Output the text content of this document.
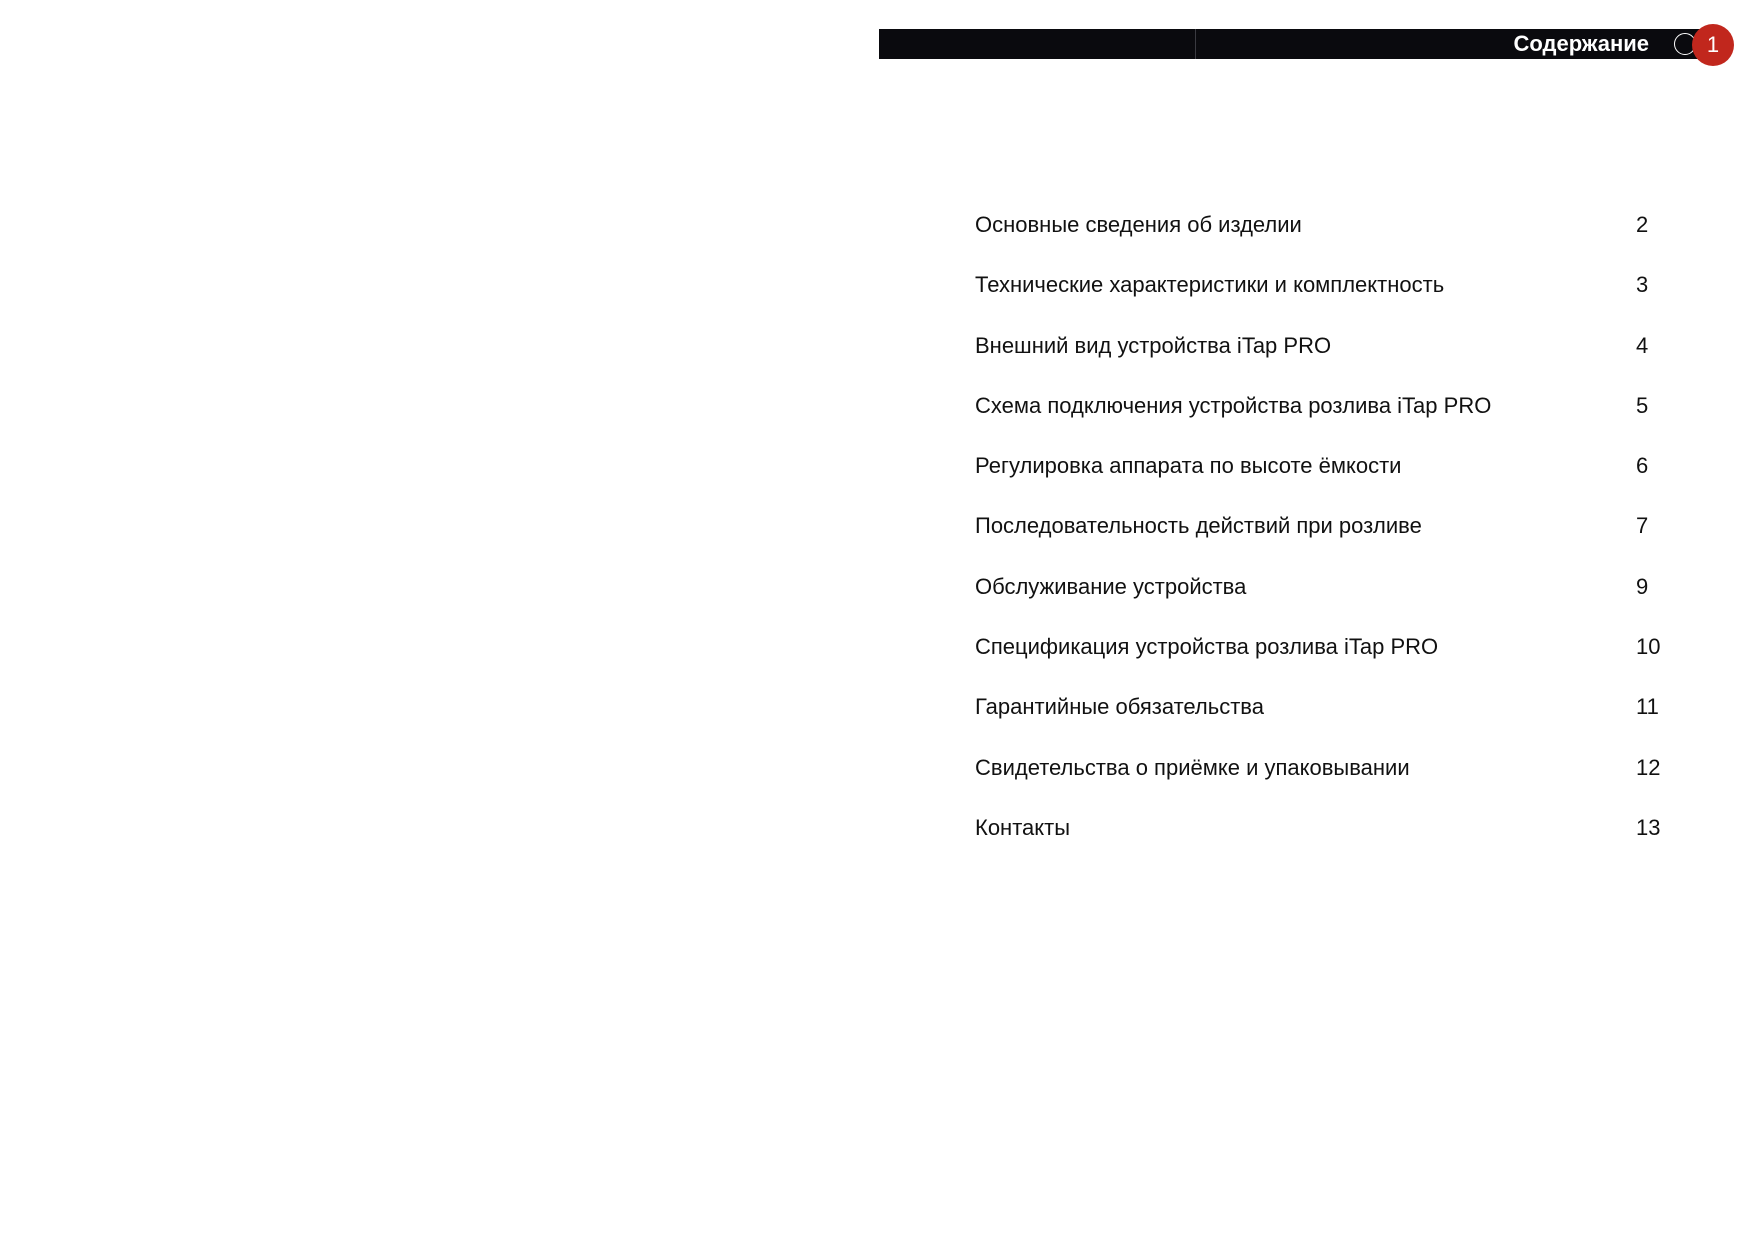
Содержание	1
Основные сведения об изделии	2
Технические характеристики и комплектность	3
Внешний вид устройства iTap PRO	4
Схема подключения устройства розлива iTap PRO	5
Регулировка аппарата по высоте ёмкости	6
Последовательность действий при розливе	7
Обслуживание устройства	9
Спецификация устройства розлива iTap PRO	10
Гарантийные обязательства	11
Свидетельства о приёмке и упаковывании	12
Контакты	13
